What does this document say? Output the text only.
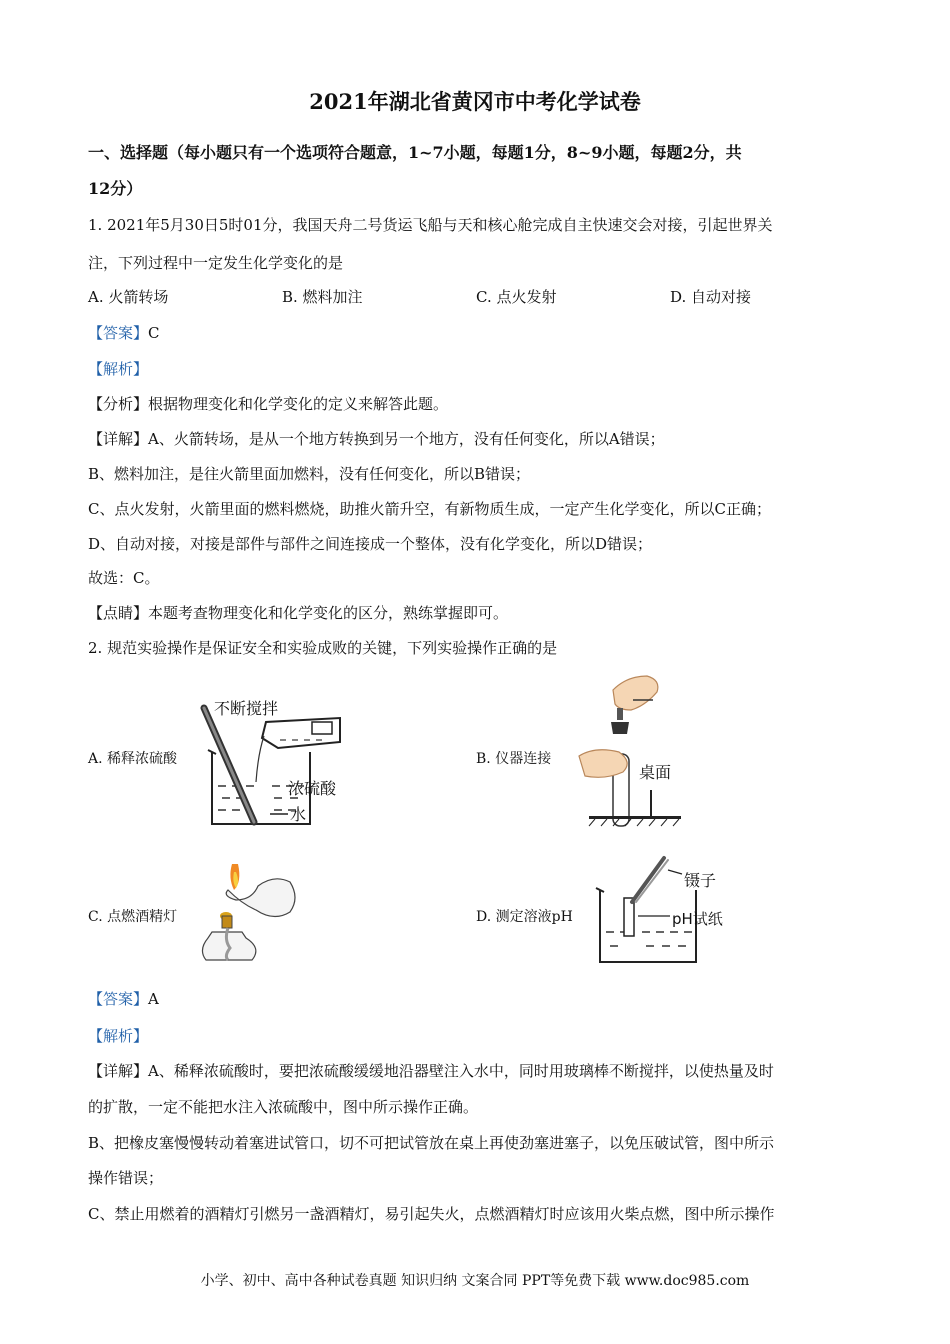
2021年湖北省黄冈市中考化学试卷
一、选择题（每小题只有一个选项符合题意，1~7小题，每题1分，8~9小题，每题2分，共
12分）
1. 2021年5月30日5时01分，我国天舟二号货运飞船与天和核心舱完成自主快速交会对接，引起世界关
注，下列过程中一定发生化学变化的是
A. 火箭转场	B. 燃料加注	C. 点火发射	D. 自动对接
【答案】C
【解析】
【分析】根据物理变化和化学变化的定义来解答此题。
【详解】A、火箭转场，是从一个地方转换到另一个地方，没有任何变化，所以A错误；
B、燃料加注，是往火箭里面加燃料，没有任何变化，所以B错误；
C、点火发射，火箭里面的燃料燃烧，助推火箭升空，有新物质生成，一定产生化学变化，所以C正确；
D、自动对接，对接是部件与部件之间连接成一个整体，没有化学变化，所以D错误；
故选：C。
【点睛】本题考查物理变化和化学变化的区分，熟练掌握即可。
2. 规范实验操作是保证安全和实验成败的关键，下列实验操作正确的是
A. 稀释浓硫酸
不断搅拌
浓硫酸
水
B. 仪器连接
桌面
C. 点燃酒精灯	D. 测定溶液pH
镊子
pH试纸
【答案】A
【解析】
【详解】A、稀释浓硫酸时，要把浓硫酸缓缓地沿器壁注入水中，同时用玻璃棒不断搅拌，以使热量及时
的扩散，一定不能把水注入浓硫酸中，图中所示操作正确。
B、把橡皮塞慢慢转动着塞进试管口，切不可把试管放在桌上再使劲塞进塞子，以免压破试管，图中所示
操作错误；
C、禁止用燃着的酒精灯引燃另一盏酒精灯，易引起失火，点燃酒精灯时应该用火柴点燃，图中所示操作
小学、初中、高中各种试卷真题 知识归纳 文案合同 PPT等免费下载 www.doc985.com
